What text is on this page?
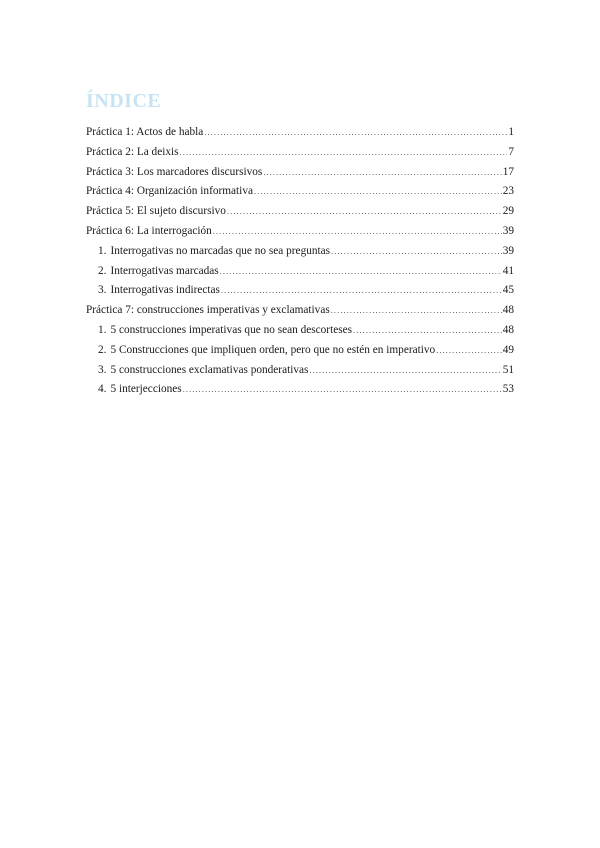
ÍNDICE
Práctica 1: Actos de habla .....	1
Práctica 2: La deixis .....	7
Práctica 3: Los marcadores discursivos .....	17
Práctica 4: Organización informativa .....	23
Práctica 5: El sujeto discursivo .....	29
Práctica 6: La interrogación .....	39
1. Interrogativas no marcadas que no sea preguntas .....	39
2. Interrogativas marcadas .....	41
3. Interrogativas indirectas .....	45
Práctica 7: construcciones imperativas y exclamativas .....	48
1. 5 construcciones imperativas que no sean descorteses .....	48
2. 5 Construcciones que impliquen orden, pero que no estén en imperativo .....	49
3. 5 construcciones exclamativas ponderativas .....	51
4. 5 interjecciones .....	53
